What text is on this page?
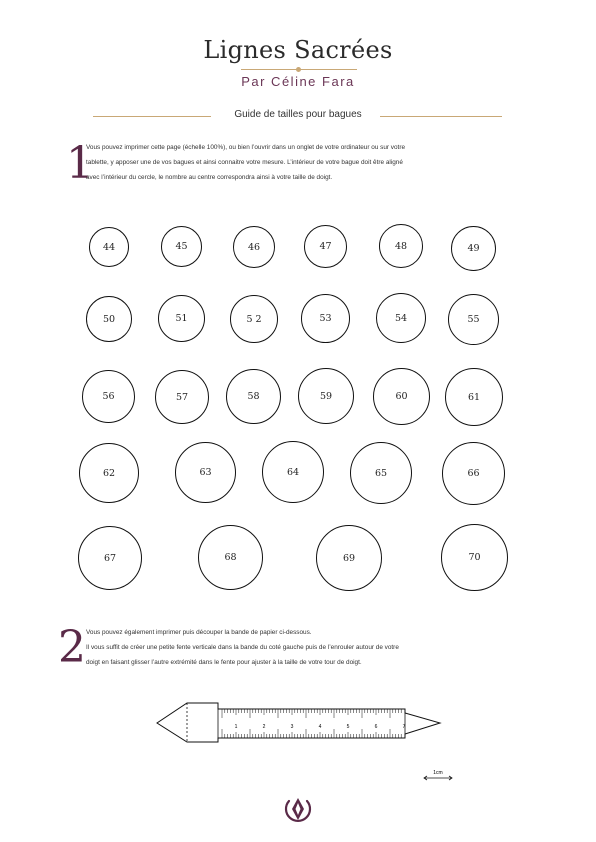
Lignes Sacrées
Par Céline Fara
Guide de tailles pour bagues
1
Vous pouvez imprimer cette page (échelle 100%), ou bien l’ouvrir dans un onglet de votre ordinateur ou sur votre
tablette, y apposer une de vos bagues et ainsi connaitre votre mesure. L’intérieur de votre bague doit être aligné
avec l’intérieur du cercle, le nombre au centre correspondra ainsi à votre taille de doigt.
44	45	46	47	48	49
50	51	5 2	53	54	55
56	57	58	59	60	61
62	63	64	65	66
67	68	69	70
2 Vous pouvez également imprimer puis découper la bande de papier ci-dessous.
Il vous suffit de créer une petite fente verticale dans la bande du coté gauche puis de l’enrouler autour de votre
doigt en faisant glisser l’autre extrémité dans le fente pour ajuster à la taille de votre tour de doigt.
1	2	3	4	5	6	7
1cm
